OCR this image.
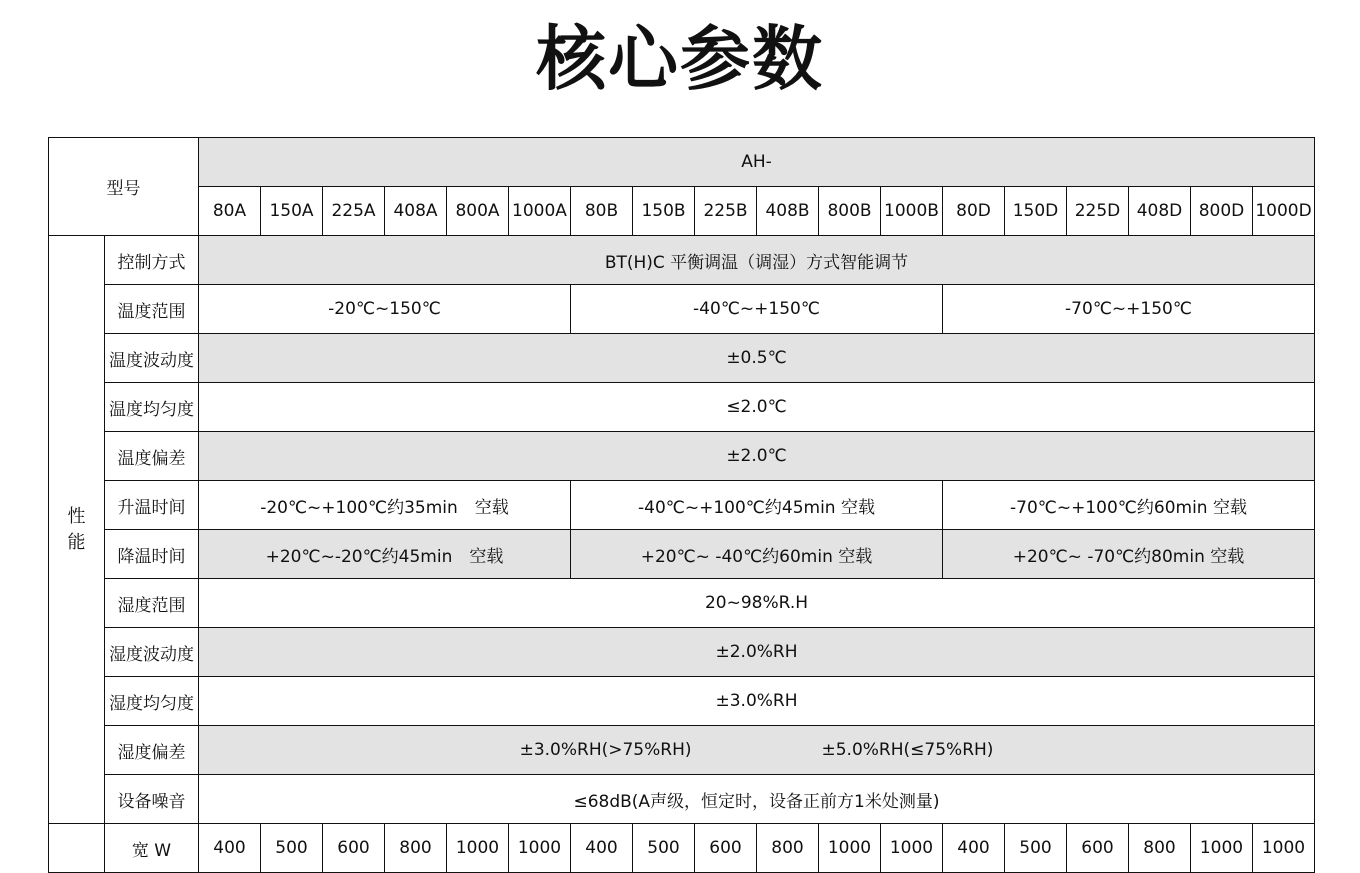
核心参数
型号		AH-																	
		80A	150A	225A	408A	800A	1000A	80B	150B	225B	408B	800B	1000B	80D	150D	225D	408D	800D	1000D

性
能	控制方式	BT(H)C 平衡调温（调湿）方式智能调节																	
	温度范围	-20℃~150℃						-40℃~+150℃						-70℃~+150℃					
	温度波动度	±0.5℃																	
	温度均匀度	≤2.0℃																	
	温度偏差	±2.0℃																	
	升温时间	-20℃~+100℃约35min　空载						-40℃~+100℃约45min 空载						-70℃~+100℃约60min 空载					
	降温时间	+20℃~-20℃约45min　空载						+20℃~ -40℃约60min 空载						+20℃~ -70℃约80min 空载					
	湿度范围	20~98%R.H																	
	湿度波动度	±2.0%RH																	
	湿度均匀度	±3.0%RH																	
	湿度偏差	±3.0%RH(>75%RH) ±5.0%RH(≤75%RH)																	
	设备噪音	≤68dB(A声级，恒定时，设备正前方1米处测量)																	
	宽 W	400	500	600	800	1000	1000	400	500	600	800	1000	1000	400	500	600	800	1000	1000
